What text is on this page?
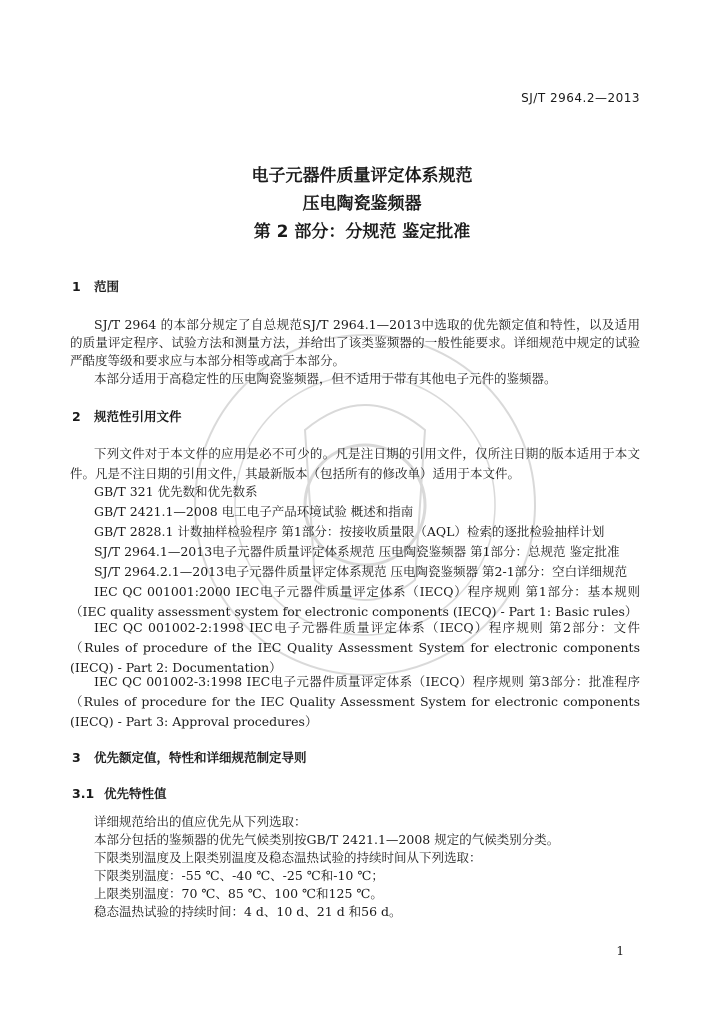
SJ/T 2964.2—2013
电子元器件质量评定体系规范
压电陶瓷鉴频器
第 2 部分：分规范 鉴定批准
1 范围
SJ/T 2964 的本部分规定了自总规范SJ/T 2964.1—2013中选取的优先额定值和特性，以及适用的质量评定程序、试验方法和测量方法，并给出了该类鉴频器的一般性能要求。详细规范中规定的试验严酷度等级和要求应与本部分相等或高于本部分。
本部分适用于高稳定性的压电陶瓷鉴频器，但不适用于带有其他电子元件的鉴频器。
2 规范性引用文件
下列文件对于本文件的应用是必不可少的。凡是注日期的引用文件，仅所注日期的版本适用于本文件。凡是不注日期的引用文件，其最新版本（包括所有的修改单）适用于本文件。
GB/T 321 优先数和优先数系
GB/T 2421.1—2008 电工电子产品环境试验 概述和指南
GB/T 2828.1 计数抽样检验程序 第1部分：按接收质量限（AQL）检索的逐批检验抽样计划
SJ/T 2964.1—2013电子元器件质量评定体系规范 压电陶瓷鉴频器 第1部分：总规范 鉴定批准
SJ/T 2964.2.1—2013电子元器件质量评定体系规范 压电陶瓷鉴频器 第2-1部分：空白详细规范
IEC QC 001001:2000 IEC电子元器件质量评定体系（IECQ）程序规则 第1部分：基本规则（IEC quality assessment system for electronic components (IECQ) - Part 1: Basic rules）
IEC QC 001002-2:1998 IEC电子元器件质量评定体系（IECQ）程序规则 第2部分：文件（Rules of procedure of the IEC Quality Assessment System for electronic components (IECQ) - Part 2: Documentation）
IEC QC 001002-3:1998 IEC电子元器件质量评定体系（IECQ）程序规则 第3部分：批准程序（Rules of procedure for the IEC Quality Assessment System for electronic components (IECQ) - Part 3: Approval procedures）
3 优先额定值，特性和详细规范制定导则
3.1 优先特性值
详细规范给出的值应优先从下列选取：
本部分包括的鉴频器的优先气候类别按GB/T 2421.1—2008 规定的气候类别分类。
下限类别温度及上限类别温度及稳态温热试验的持续时间从下列选取：
下限类别温度：-55 ℃、-40 ℃、-25 ℃和-10 ℃；
上限类别温度：70 ℃、85 ℃、100 ℃和125 ℃。
稳态温热试验的持续时间：4 d、10 d、21 d 和56 d。
1
